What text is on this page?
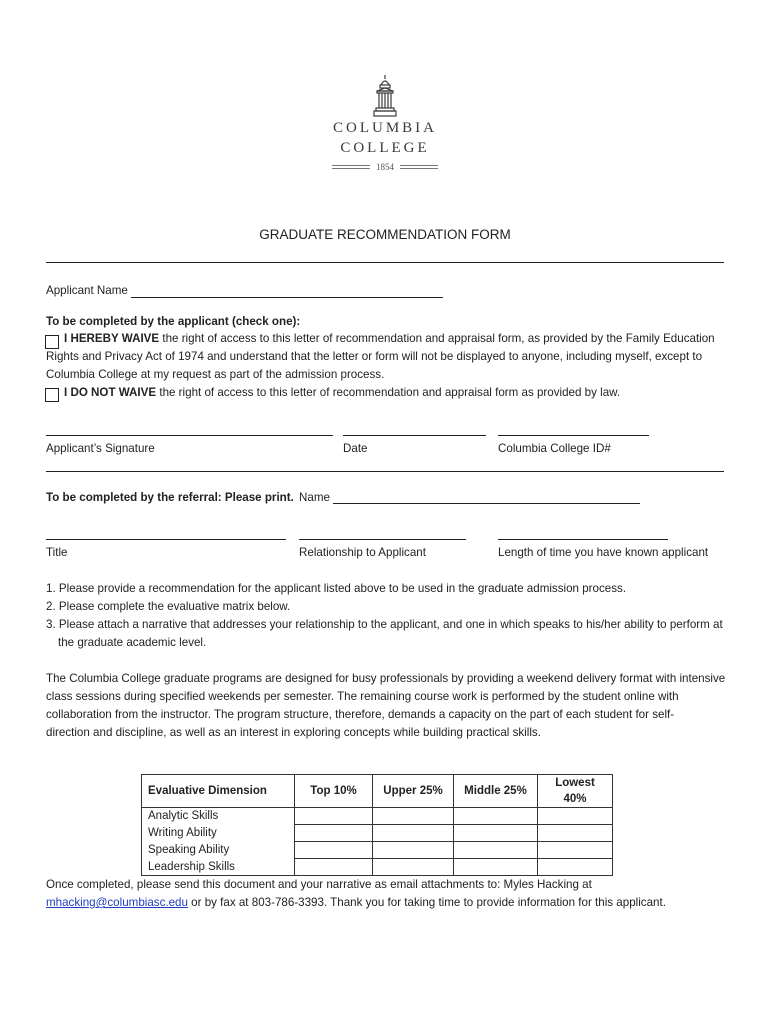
COLUMBIA
COLLEGE
1854
GRADUATE RECOMMENDATION FORM
Applicant Name
To be completed by the applicant (check one):
I HEREBY WAIVE the right of access to this letter of recommendation and appraisal form, as provided by the Family Education
Rights and Privacy Act of 1974 and understand that the letter or form will not be displayed to anyone, including myself, except to
Columbia College at my request as part of the admission process.
I DO NOT WAIVE the right of access to this letter of recommendation and appraisal form as provided by law.
Applicant’s Signature	Date	Columbia College ID#
To be completed by the referral: Please print. Name
Title	Relationship to Applicant	Length of time you have known applicant
1. Please provide a recommendation for the applicant listed above to be used in the graduate admission process.
2. Please complete the evaluative matrix below.
3. Please attach a narrative that addresses your relationship to the applicant, and one in which speaks to his/her ability to perform at
the graduate academic level.
The Columbia College graduate programs are designed for busy professionals by providing a weekend delivery format with intensive
class sessions during specified weekends per semester. The remaining course work is performed by the student online with
collaboration from the instructor. The program structure, therefore, demands a capacity on the part of each student for self-
direction and discipline, as well as an interest in exploring concepts while building practical skills.
Evaluative Dimension	Top 10%	Upper 25%	Middle 25%	Lowest 40%
Analytic Skills				
Writing Ability				
Speaking Ability				
Leadership Skills				
Once completed, please send this document and your narrative as email attachments to: Myles Hacking at
mhacking@columbiasc.edu or by fax at 803-786-3393. Thank you for taking time to provide information for this applicant.
